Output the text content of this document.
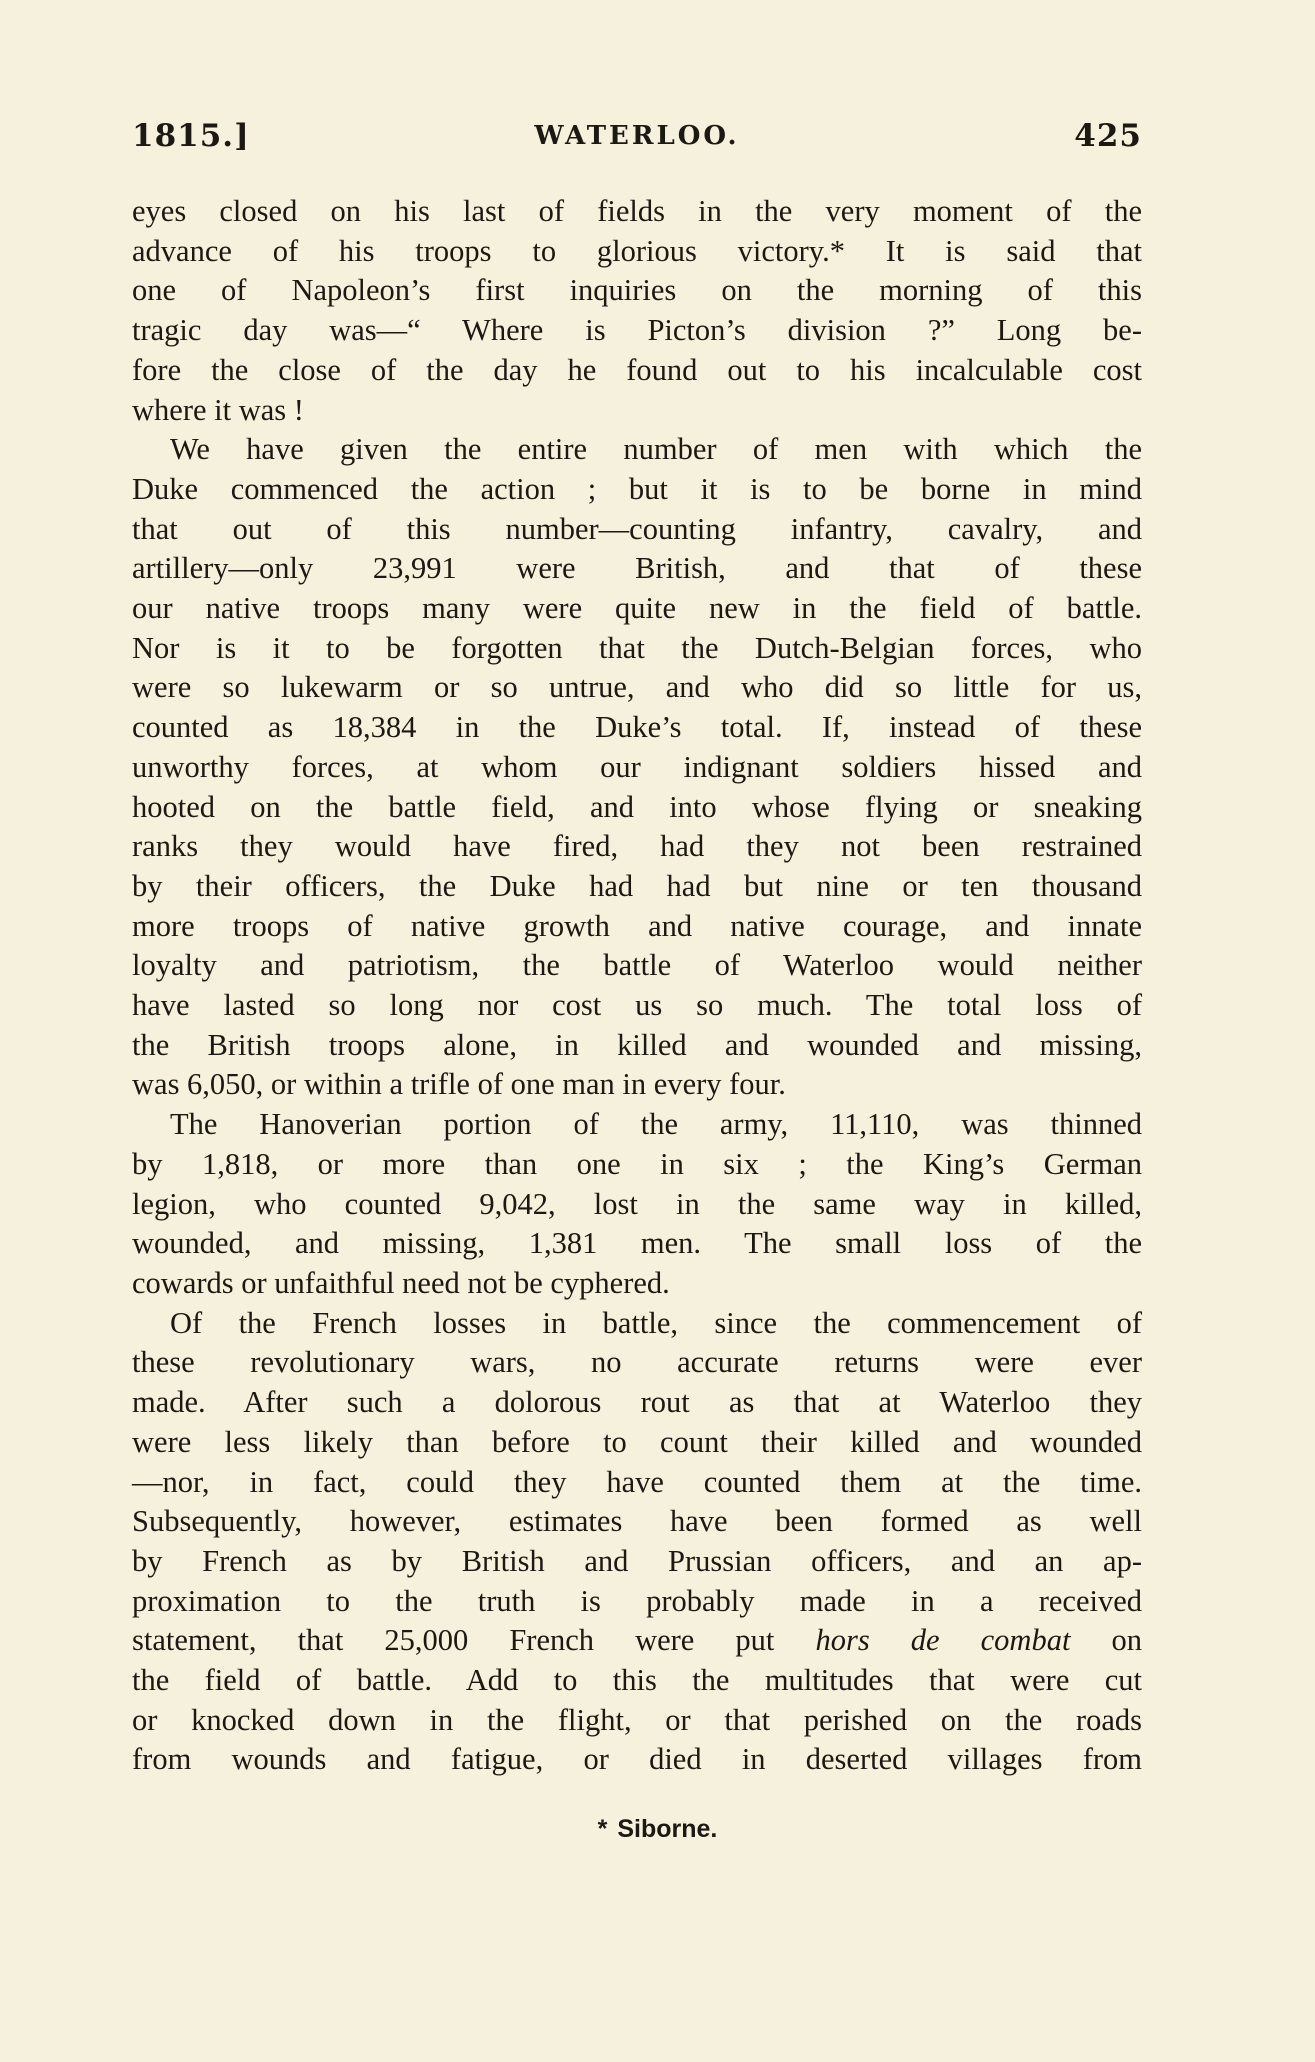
1815.]	WATERLOO.	425
eyes closed on his last of fields in the very moment of the
advance of his troops to glorious victory.* It is said that
one of Napoleon’s first inquiries on the morning of this
tragic day was—“ Where is Picton’s division ?” Long be-
fore the close of the day he found out to his incalculable cost
where it was !
We have given the entire number of men with which the
Duke commenced the action ; but it is to be borne in mind
that out of this number—counting infantry, cavalry, and
artillery—only 23,991 were British, and that of these
our native troops many were quite new in the field of battle.
Nor is it to be forgotten that the Dutch-Belgian forces, who
were so lukewarm or so untrue, and who did so little for us,
counted as 18,384 in the Duke’s total. If, instead of these
unworthy forces, at whom our indignant soldiers hissed and
hooted on the battle field, and into whose flying or sneaking
ranks they would have fired, had they not been restrained
by their officers, the Duke had had but nine or ten thousand
more troops of native growth and native courage, and innate
loyalty and patriotism, the battle of Waterloo would neither
have lasted so long nor cost us so much. The total loss of
the British troops alone, in killed and wounded and missing,
was 6,050, or within a trifle of one man in every four.
The Hanoverian portion of the army, 11,110, was thinned
by 1,818, or more than one in six ; the King’s German
legion, who counted 9,042, lost in the same way in killed,
wounded, and missing, 1,381 men. The small loss of the
cowards or unfaithful need not be cyphered.
Of the French losses in battle, since the commencement of
these revolutionary wars, no accurate returns were ever
made. After such a dolorous rout as that at Waterloo they
were less likely than before to count their killed and wounded
—nor, in fact, could they have counted them at the time.
Subsequently, however, estimates have been formed as well
by French as by British and Prussian officers, and an ap-
proximation to the truth is probably made in a received
statement, that 25,000 French were put hors de combat on
the field of battle. Add to this the multitudes that were cut
or knocked down in the flight, or that perished on the roads
from wounds and fatigue, or died in deserted villages from
* Siborne.
